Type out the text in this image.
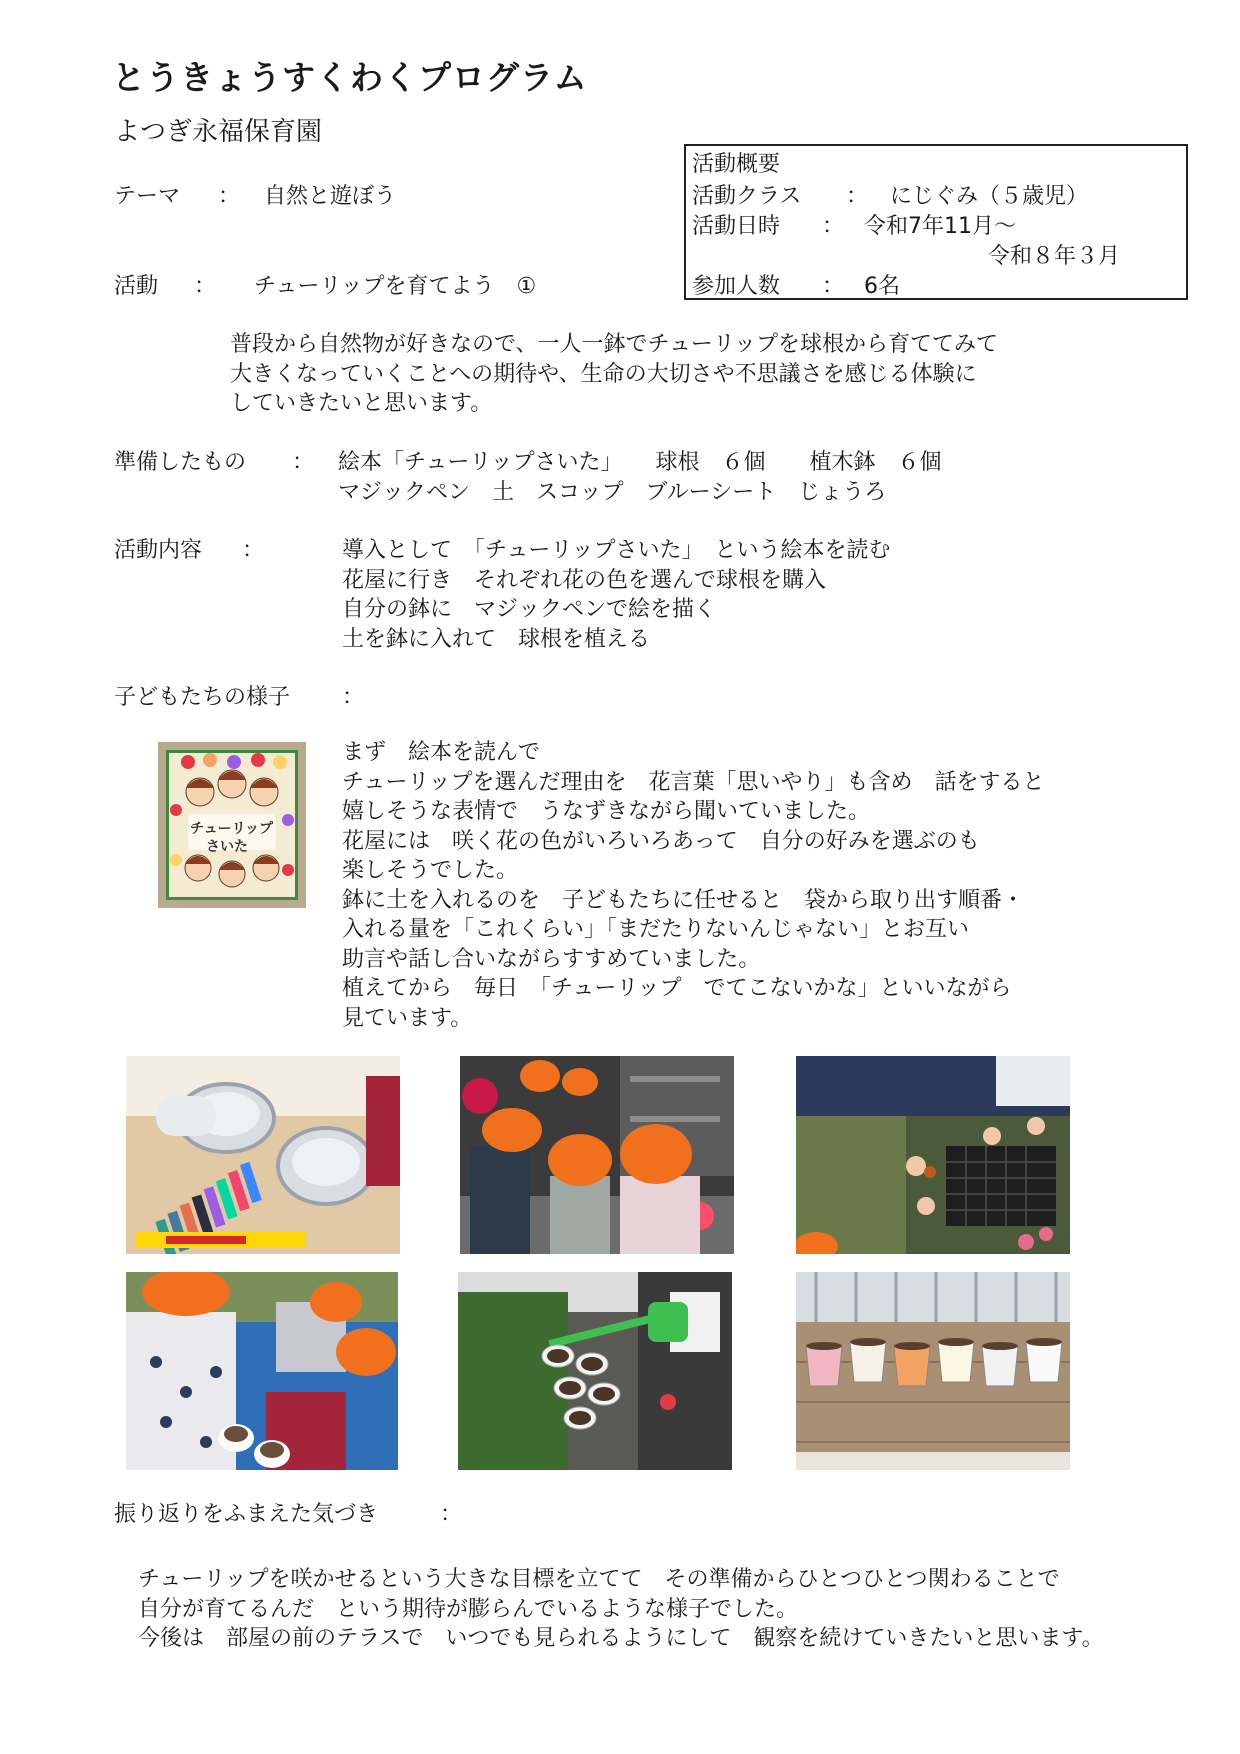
とうきょうすくわくプログラム
よつぎ永福保育園
テーマ ： 自然と遊ぼう
活動 ： チューリップを育てよう　①
活動概要
活動クラス ： にじぐみ（５歳児）
活動日時 ： 令和7年11月～
令和８年３月
参加人数 ： 6名
普段から自然物が好きなので、一人一鉢でチューリップを球根から育ててみて
大きくなっていくことへの期待や、生命の大切さや不思議さを感じる体験に
していきたいと思います。
準備したもの ： 絵本「チューリップさいた」　　球根　６個　　植木鉢　６個
マジックペン　土　スコップ　ブルーシート　じょうろ
活動内容 ：	導入として　「チューリップさいた」　という絵本を読む
花屋に行き　それぞれ花の色を選んで球根を購入
自分の鉢に　マジックペンで絵を描く
土を鉢に入れて　球根を植える
子どもたちの様子 ：
チューリップ
さいた
まず　絵本を読んで
チューリップを選んだ理由を　花言葉「思いやり」も含め　話をすると
嬉しそうな表情で　うなずきながら聞いていました。
花屋には　咲く花の色がいろいろあって　自分の好みを選ぶのも
楽しそうでした。
鉢に土を入れるのを　子どもたちに任せると　袋から取り出す順番・
入れる量を「これくらい」「まだたりないんじゃない」とお互い
助言や話し合いながらすすめていました。
植えてから　毎日　「チューリップ　でてこないかな」といいながら
見ています。
振り返りをふまえた気づき	：
チューリップを咲かせるという大きな目標を立てて　その準備からひとつひとつ関わることで
自分が育てるんだ　という期待が膨らんでいるような様子でした。
今後は　部屋の前のテラスで　いつでも見られるようにして　観察を続けていきたいと思います。
